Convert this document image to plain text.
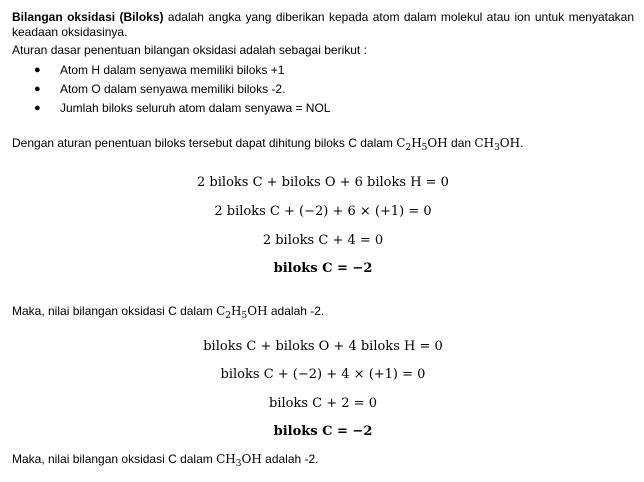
Bilangan oksidasi (Biloks) adalah angka yang diberikan kepada atom dalam molekul atau ion untuk menyatakan keadaan oksidasinya.

Aturan dasar penentuan bilangan oksidasi adalah sebagai berikut :

● Atom H dalam senyawa memiliki biloks +1
● Atom O dalam senyawa memiliki biloks -2.
● Jumlah biloks seluruh atom dalam senyawa = NOL

Dengan aturan penentuan biloks tersebut dapat dihitung biloks C dalam $C_2H_5OH$ dan $CH_3OH$.

2 biloks C + biloks O + 6 biloks H = 0
2 biloks C + (−2) + 6 × (+1) = 0
2 biloks C + 4 = 0
biloks C = −2

Maka, nilai bilangan oksidasi C dalam $C_2H_5OH$ adalah -2.

biloks C + biloks O + 4 biloks H = 0
biloks C + (−2) + 4 × (+1) = 0
biloks C + 2 = 0
biloks C = −2

Maka, nilai bilangan oksidasi C dalam $CH_3OH$ adalah -2.
